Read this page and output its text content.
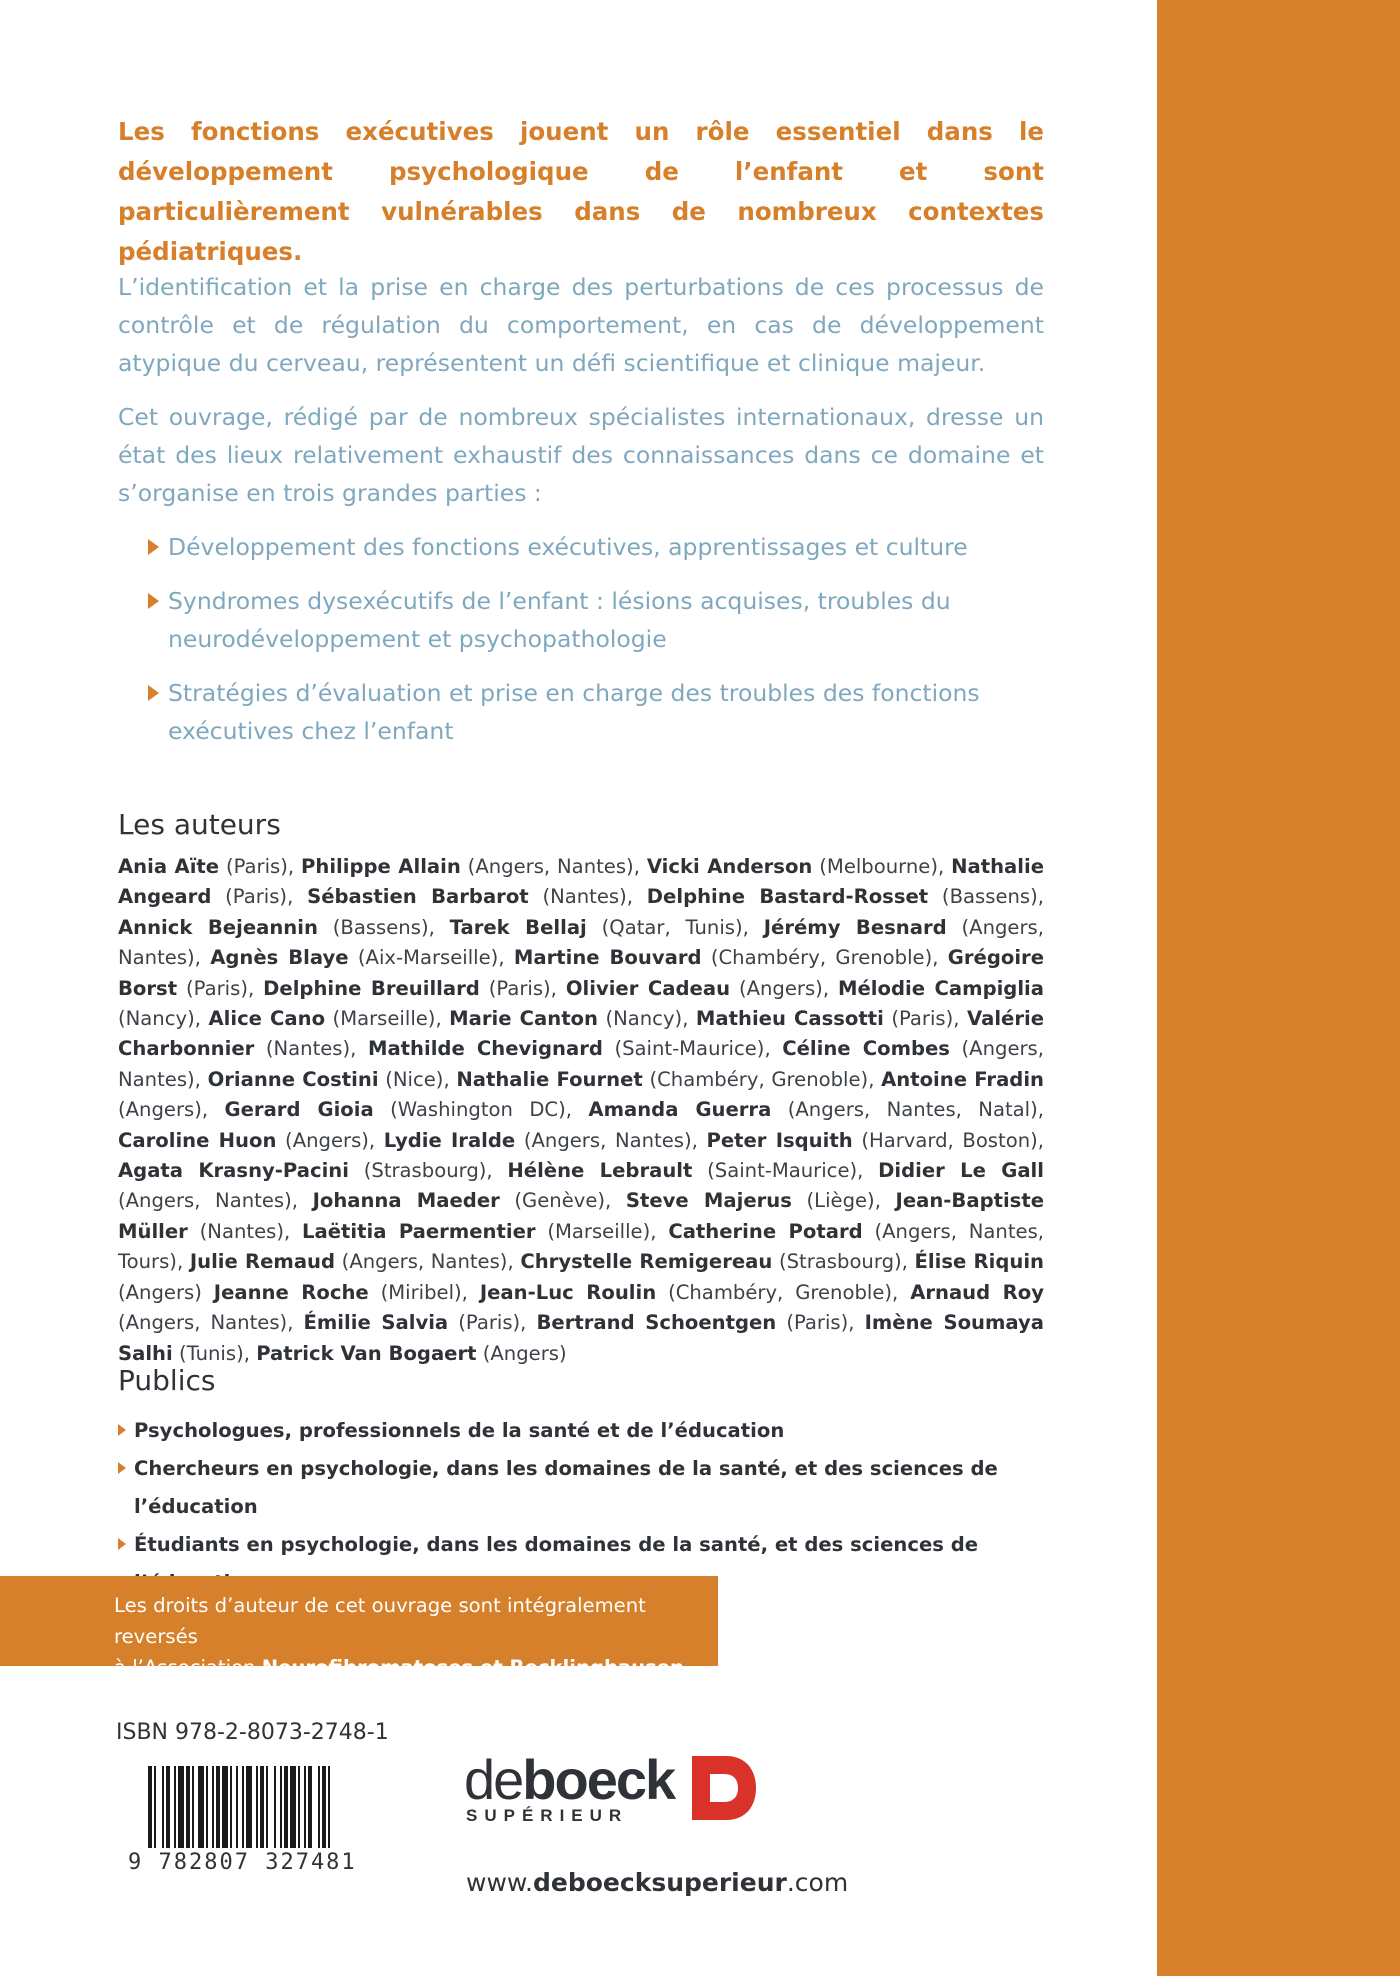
Les fonctions exécutives jouent un rôle essentiel dans le développement psychologique de l’enfant et sont particulièrement vulnérables dans de nombreux contextes pédiatriques.

L’identification et la prise en charge des perturbations de ces processus de contrôle et de régulation du comportement, en cas de développement atypique du cerveau, représentent un défi scientifique et clinique majeur.

Cet ouvrage, rédigé par de nombreux spécialistes internationaux, dresse un état des lieux relativement exhaustif des connaissances dans ce domaine et s’organise en trois grandes parties :

Développement des fonctions exécutives, apprentissages et culture
Syndromes dysexécutifs de l’enfant : lésions acquises, troubles du neurodéveloppement et psychopathologie
Stratégies d’évaluation et prise en charge des troubles des fonctions exécutives chez l’enfant
Les auteurs

Ania Aïte (Paris), Philippe Allain (Angers, Nantes), Vicki Anderson (Melbourne), Nathalie Angeard (Paris), Sébastien Barbarot (Nantes), Delphine Bastard-Rosset (Bassens), Annick Bejeannin (Bassens), Tarek Bellaj (Qatar, Tunis), Jérémy Besnard (Angers, Nantes), Agnès Blaye (Aix-Marseille), Martine Bouvard (Chambéry, Grenoble), Grégoire Borst (Paris), Delphine Breuillard (Paris), Olivier Cadeau (Angers), Mélodie Campiglia (Nancy), Alice Cano (Marseille), Marie Canton (Nancy), Mathieu Cassotti (Paris), Valérie Charbonnier (Nantes), Mathilde Chevignard (Saint-Maurice), Céline Combes (Angers, Nantes), Orianne Costini (Nice), Nathalie Fournet (Chambéry, Grenoble), Antoine Fradin (Angers), Gerard Gioia (Washington DC), Amanda Guerra (Angers, Nantes, Natal), Caroline Huon (Angers), Lydie Iralde (Angers, Nantes), Peter Isquith (Harvard, Boston), Agata Krasny-Pacini (Strasbourg), Hélène Lebrault (Saint-Maurice), Didier Le Gall (Angers, Nantes), Johanna Maeder (Genève), Steve Majerus (Liège), Jean-Baptiste Müller (Nantes), Laëtitia Paermentier (Marseille), Catherine Potard (Angers, Nantes, Tours), Julie Remaud (Angers, Nantes), Chrystelle Remigereau (Strasbourg), Élise Riquin (Angers) Jeanne Roche (Miribel), Jean-Luc Roulin (Chambéry, Grenoble), Arnaud Roy (Angers, Nantes), Émilie Salvia (Paris), Bertrand Schoentgen (Paris), Imène Soumaya Salhi (Tunis), Patrick Van Bogaert (Angers)

Publics
Psychologues, professionnels de la santé et de l’éducation
Chercheurs en psychologie, dans les domaines de la santé, et des sciences de l’éducation
Étudiants en psychologie, dans les domaines de la santé, et des sciences de

Les droits d’auteur de cet ouvrage sont intégralement reversés
à l’Association Neurofibromatoses et Recklinghausen.

ISBN 978-2-8073-2748-1

9 782807 327481

deboeck
SUPÉRIEUR

www.deboecksuperieur.com
